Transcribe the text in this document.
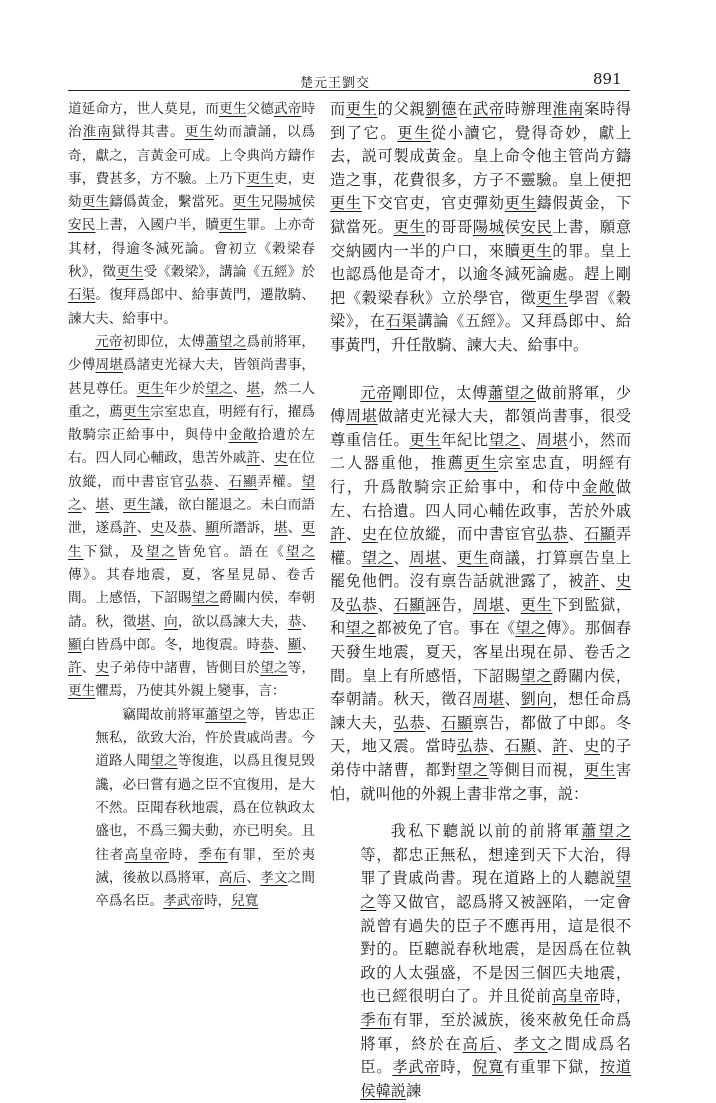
楚元王劉交	891

道延命方，世人莫見，而更生父德武帝時治淮南獄得其書。更生幼而讀誦，以爲奇，獻之，言黃金可成。上令典尚方鑄作事，費甚多，方不驗。上乃下更生吏，吏劾更生鑄僞黃金，繫當死。更生兄陽城侯安民上書，入國户半，贖更生罪。上亦奇其材，得逾冬減死論。會初立《穀梁春秋》，徵更生受《穀梁》，講論《五經》於石渠。復拜爲郎中、給事黃門，遷散騎、諫大夫、給事中。

元帝初即位，太傅蕭望之爲前將軍，少傅周堪爲諸吏光禄大夫，皆領尚書事，甚見尊任。更生年少於望之、堪，然二人重之，薦更生宗室忠直，明經有行，擢爲散騎宗正給事中，與侍中金敞拾遺於左右。四人同心輔政，患苦外戚許、史在位放縱，而中書宦官弘恭、石顯弄權。望之、堪、更生議，欲白罷退之。未白而語泄，遂爲許、史及恭、顯所譖訴，堪、更生下獄，及望之皆免官。語在《望之傳》。其春地震，夏，客星見昴、卷舌間。上感悟，下詔賜望之爵關内侯，奉朝請。秋，徵堪、向，欲以爲諫大夫，恭、顯白皆爲中郎。冬，地復震。時恭、顯、許、史子弟侍中諸曹，皆側目於望之等，更生懼焉，乃使其外親上變事，言：

竊聞故前將軍蕭望之等，皆忠正無私，欲致大治，忤於貴戚尚書。今道路人聞望之等復進，以爲且復見毁讒，必曰嘗有過之臣不宜復用，是大不然。臣聞春秋地震，爲在位執政太盛也，不爲三獨夫動，亦已明矣。且往者高皇帝時，季布有罪，至於夷滅，後赦以爲將軍，高后、孝文之間卒爲名臣。孝武帝時，兒寬

而更生的父親劉德在武帝時辦理淮南案時得到了它。更生從小讀它，覺得奇妙，獻上去，説可製成黃金。皇上命令他主管尚方鑄造之事，花費很多，方子不靈驗。皇上便把更生下交官吏，官吏彈劾更生鑄假黃金，下獄當死。更生的哥哥陽城侯安民上書，願意交納國内一半的户口，來贖更生的罪。皇上也認爲他是奇才，以逾冬減死論處。趕上剛把《穀梁春秋》立於學官，徵更生學習《穀梁》，在石渠講論《五經》。又拜爲郎中、給事黃門，升任散騎、諫大夫、給事中。

元帝剛即位，太傅蕭望之做前將軍，少傅周堪做諸吏光禄大夫，都領尚書事，很受尊重信任。更生年紀比望之、周堪小，然而二人器重他，推薦更生宗室忠直，明經有行，升爲散騎宗正給事中，和侍中金敞做左、右拾遺。四人同心輔佐政事，苦於外戚許、史在位放縱，而中書宦官弘恭、石顯弄權。望之、周堪、更生商議，打算禀告皇上罷免他們。沒有禀告話就泄露了，被許、史及弘恭、石顯誣告，周堪、更生下到監獄，和望之都被免了官。事在《望之傳》。那個春天發生地震，夏天，客星出現在昴、卷舌之間。皇上有所感悟，下詔賜望之爵關内侯，奉朝請。秋天，徵召周堪、劉向，想任命爲諫大夫，弘恭、石顯禀告，都做了中郎。冬天，地又震。當時弘恭、石顯、許、史的子弟侍中諸曹，都對望之等側目而視，更生害怕，就叫他的外親上書非常之事，説：

我私下聽説以前的前將軍蕭望之等，都忠正無私，想達到天下大治，得罪了貴戚尚書。現在道路上的人聽説望之等又做官，認爲將又被誣陷，一定會説曾有過失的臣子不應再用，這是很不對的。臣聽説春秋地震，是因爲在位執政的人太强盛，不是因三個匹夫地震，也已經很明白了。并且從前高皇帝時，季布有罪，至於滅族，後來赦免任命爲將軍，終於在高后、孝文之間成爲名臣。孝武帝時，倪寬有重罪下獄，按道侯韓説諫
